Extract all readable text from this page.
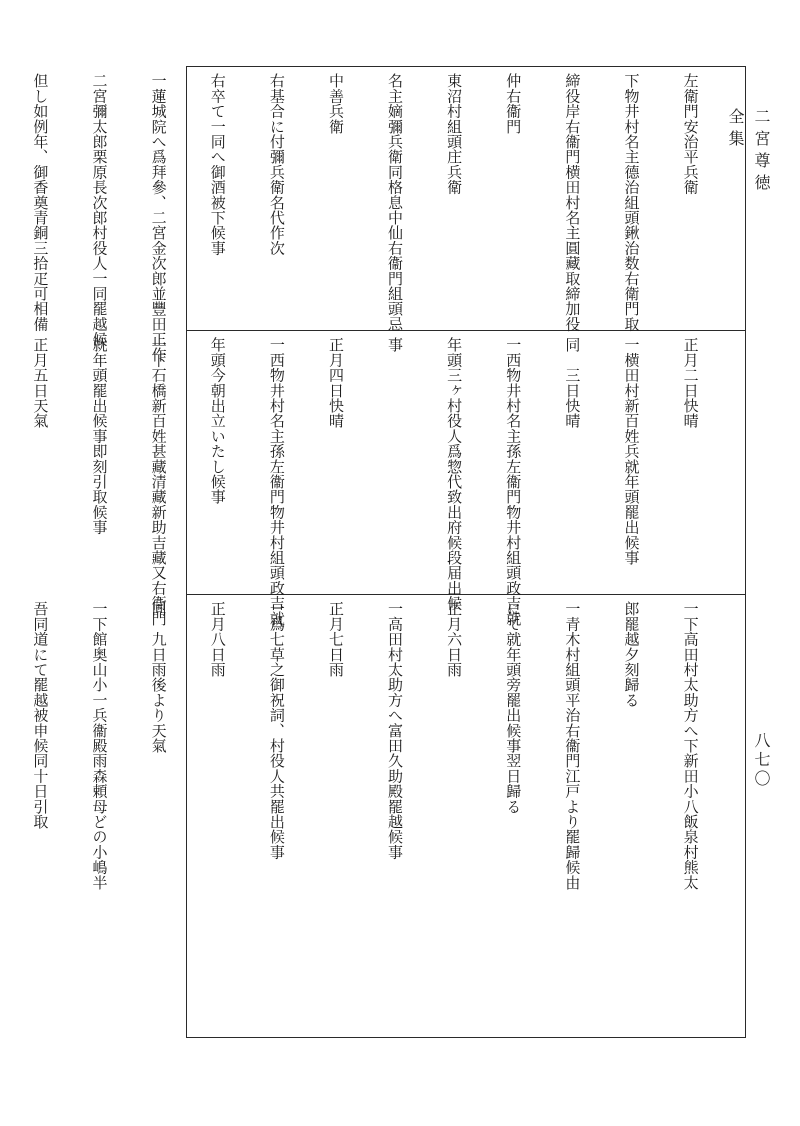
二宮尊徳全集

左衛門安治平兵衛

下物井村名主德治組頭鍬治数右衛門取

締役岸右衞門横田村名主圓藏取締加役

仲右衞門

東沼村組頭庄兵衛

名主嫡彌兵衛同格息中仙右衞門組頭忌

中善兵衛

右基合に付彌兵衛名代作次

右卒て一同へ御酒被下候事

一蓮城院へ爲拜參、二宮金次郎並豐田正作

二宮彌太郎栗原長次郎村役人一同罷越候

但し如例年、御香奠青銅三拾疋可相備

正月二日快晴

一横田村新百姓兵就年頭罷出候事

同　三日快晴

一西物井村名主孫左衞門物井村組頭政吉就

年頭三ヶ村役人爲惣代致出府候段届出候

事

正月四日快晴

一西物井村名主孫左衞門物井村組頭政吉就

年頭今朝出立いたし候事

一下石橋新百姓甚藏清藏新助吉藏又右衞門

就年頭罷出候事即刻引取候事

正月五日天氣

一下高田村太助方へ下新田小八飯泉村熊太

郎罷越夕刻歸る

一青木村組頭平治右衞門江戸より罷歸候由

にて就年頭旁罷出候事翌日歸る

正月六日雨

一高田村太助方へ富田久助殿罷越候事

正月七日雨

一爲七草之御祝詞、村役人共罷出候事

正月八日雨

同　九日雨後より天氣

一下館奥山小一兵衞殿雨森頼母どの小嶋半

吾同道にて罷越被申候同十日引取

	八七〇
